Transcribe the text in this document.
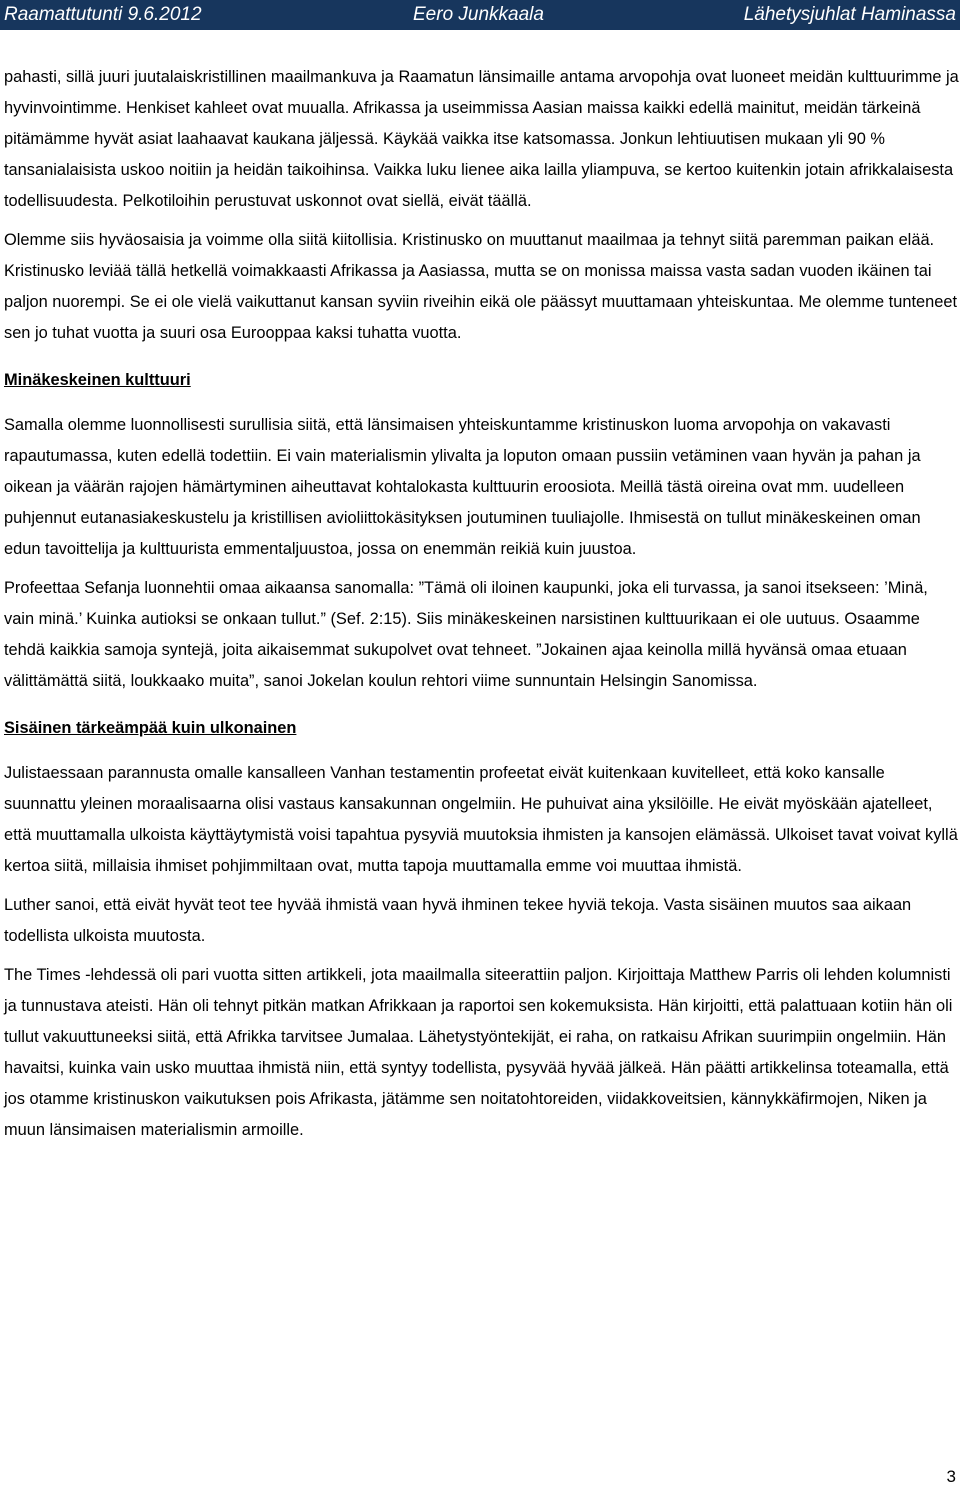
Raamattutunti 9.6.2012	Eero Junkkaala	Lähetysjuhlat Haminassa

pahasti, sillä juuri juutalaiskristillinen maailmankuva ja Raamatun länsimaille antama arvopohja ovat luoneet meidän kulttuurimme ja hyvinvointimme. Henkiset kahleet ovat muualla. Afrikassa ja useimmissa Aasian maissa kaikki edellä mainitut, meidän tärkeinä pitämämme hyvät asiat laahaavat kaukana jäljessä. Käykää vaikka itse katsomassa. Jonkun lehtiuutisen mukaan yli 90 % tansanialaisista uskoo noitiin ja heidän taikoihinsa. Vaikka luku lienee aika lailla yliampuva, se kertoo kuitenkin jotain afrikkalaisesta todellisuudesta. Pelkotiloihin perustuvat uskonnot ovat siellä, eivät täällä.

Olemme siis hyväosaisia ja voimme olla siitä kiitollisia. Kristinusko on muuttanut maailmaa ja tehnyt siitä paremman paikan elää. Kristinusko leviää tällä hetkellä voimakkaasti Afrikassa ja Aasiassa, mutta se on monissa maissa vasta sadan vuoden ikäinen tai paljon nuorempi. Se ei ole vielä vaikuttanut kansan syviin riveihin eikä ole päässyt muuttamaan yhteiskuntaa. Me olemme tunteneet sen jo tuhat vuotta ja suuri osa Eurooppaa kaksi tuhatta vuotta.

Minäkeskeinen kulttuuri

Samalla olemme luonnollisesti surullisia siitä, että länsimaisen yhteiskuntamme kristinuskon luoma arvopohja on vakavasti rapautumassa, kuten edellä todettiin. Ei vain materialismin ylivalta ja loputon omaan pussiin vetäminen vaan hyvän ja pahan ja oikean ja väärän rajojen hämärtyminen aiheuttavat kohtalokasta kulttuurin eroosiota. Meillä tästä oireina ovat mm. uudelleen puhjennut eutanasiakeskustelu ja kristillisen avioliittokäsityksen joutuminen tuuliajolle. Ihmisestä on tullut minäkeskeinen oman edun tavoittelija ja kulttuurista emmentaljuustoa, jossa on enemmän reikiä kuin juustoa.

Profeettaa Sefanja luonnehtii omaa aikaansa sanomalla: ”Tämä oli iloinen kaupunki, joka eli turvassa, ja sanoi itsekseen: ’Minä, vain minä.’ Kuinka autioksi se onkaan tullut.” (Sef. 2:15). Siis minäkeskeinen narsistinen kulttuurikaan ei ole uutuus. Osaamme tehdä kaikkia samoja syntejä, joita aikaisemmat sukupolvet ovat tehneet. ”Jokainen ajaa keinolla millä hyvänsä omaa etuaan välittämättä siitä, loukkaako muita”, sanoi Jokelan koulun rehtori viime sunnuntain Helsingin Sanomissa.

Sisäinen tärkeämpää kuin ulkonainen

Julistaessaan parannusta omalle kansalleen Vanhan testamentin profeetat eivät kuitenkaan kuvitelleet, että koko kansalle suunnattu yleinen moraalisaarna olisi vastaus kansakunnan ongelmiin. He puhuivat aina yksilöille. He eivät myöskään ajatelleet, että muuttamalla ulkoista käyttäytymistä voisi tapahtua pysyviä muutoksia ihmisten ja kansojen elämässä. Ulkoiset tavat voivat kyllä kertoa siitä, millaisia ihmiset pohjimmiltaan ovat, mutta tapoja muuttamalla emme voi muuttaa ihmistä.

Luther sanoi, että eivät hyvät teot tee hyvää ihmistä vaan hyvä ihminen tekee hyviä tekoja. Vasta sisäinen muutos saa aikaan todellista ulkoista muutosta.

The Times -lehdessä oli pari vuotta sitten artikkeli, jota maailmalla siteerattiin paljon. Kirjoittaja Matthew Parris oli lehden kolumnisti ja tunnustava ateisti. Hän oli tehnyt pitkän matkan Afrikkaan ja raportoi sen kokemuksista. Hän kirjoitti, että palattuaan kotiin hän oli tullut vakuuttuneeksi siitä, että Afrikka tarvitsee Jumalaa. Lähetystyöntekijät, ei raha, on ratkaisu Afrikan suurimpiin ongelmiin. Hän havaitsi, kuinka vain usko muuttaa ihmistä niin, että syntyy todellista, pysyvää hyvää jälkeä. Hän päätti artikkelinsa toteamalla, että jos otamme kristinuskon vaikutuksen pois Afrikasta, jätämme sen noitatohtoreiden, viidakkoveitsien, kännykkäfirmojen, Niken ja muun länsimaisen materialismin armoille.

3
